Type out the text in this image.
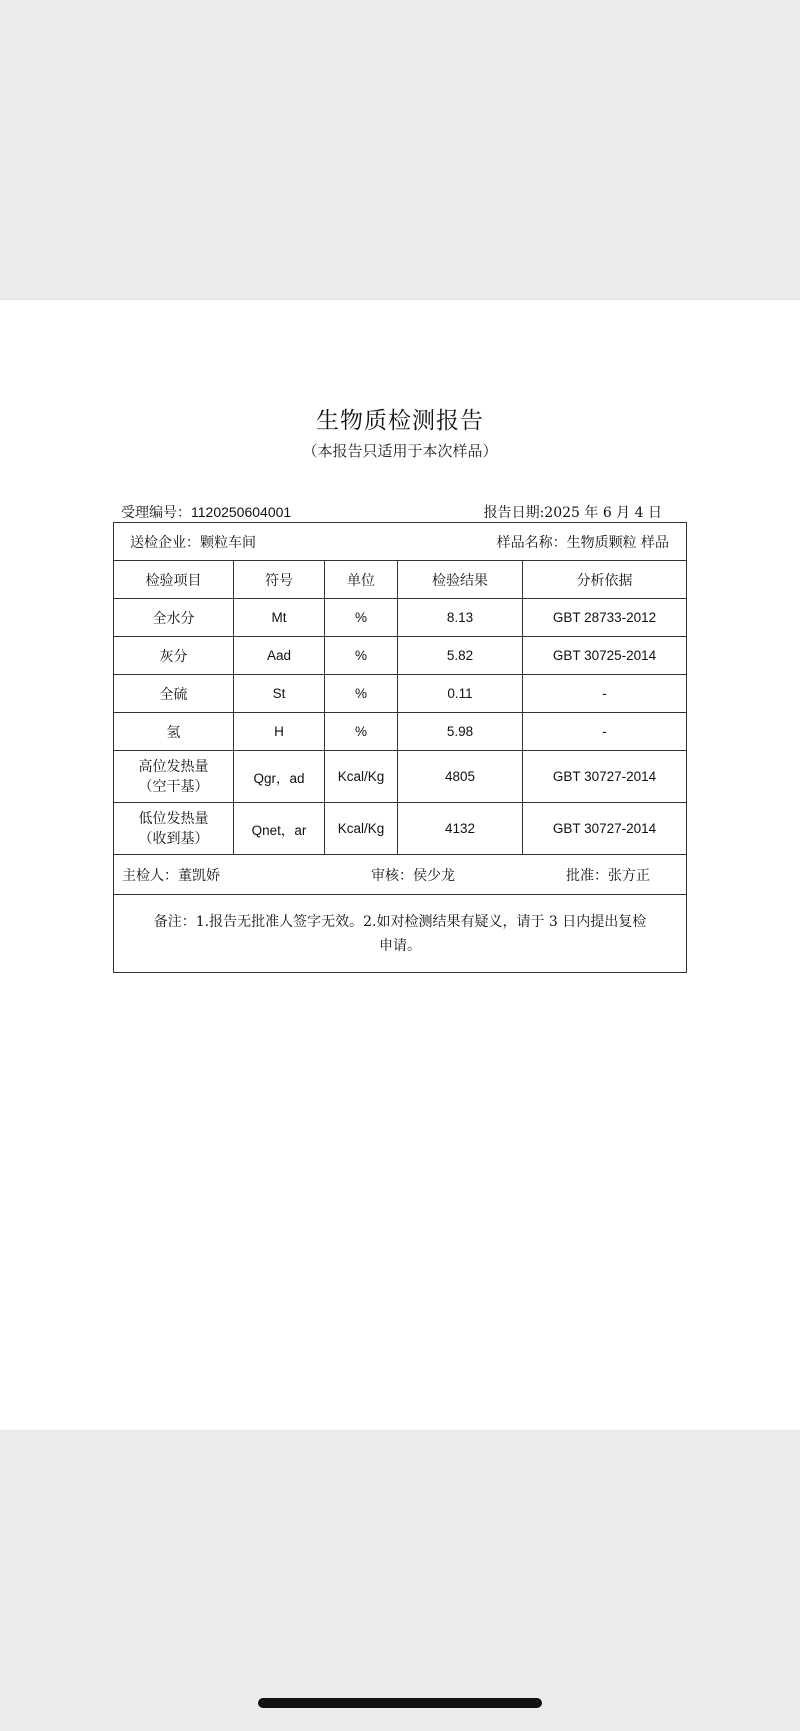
生物质检测报告
（本报告只适用于本次样品）
受理编号：1120250604001	报告日期:2025 年 6 月 4 日
送检企业：颗粒车间 样品名称：生物质颗粒 样品				

检验项目	符号	单位	检验结果	分析依据
全水分	Mt	%	8.13	GBT 28733-2012
灰分	Aad	%	5.82	GBT 30725-2014
全硫	St	%	0.11	-
氢	H	%	5.98	-

高位发热量
（空干基）	Qgr，ad	Kcal/Kg	4805	GBT 30727-2014

低位发热量
（收到基）	Qnet，ar	Kcal/Kg	4132	GBT 30727-2014

主检人：董凯娇 审核：侯少龙 批准：张方正				

备注：1.报告无批准人签字无效。2.如对检测结果有疑义，请于 3 日内提出复检
申请。				
